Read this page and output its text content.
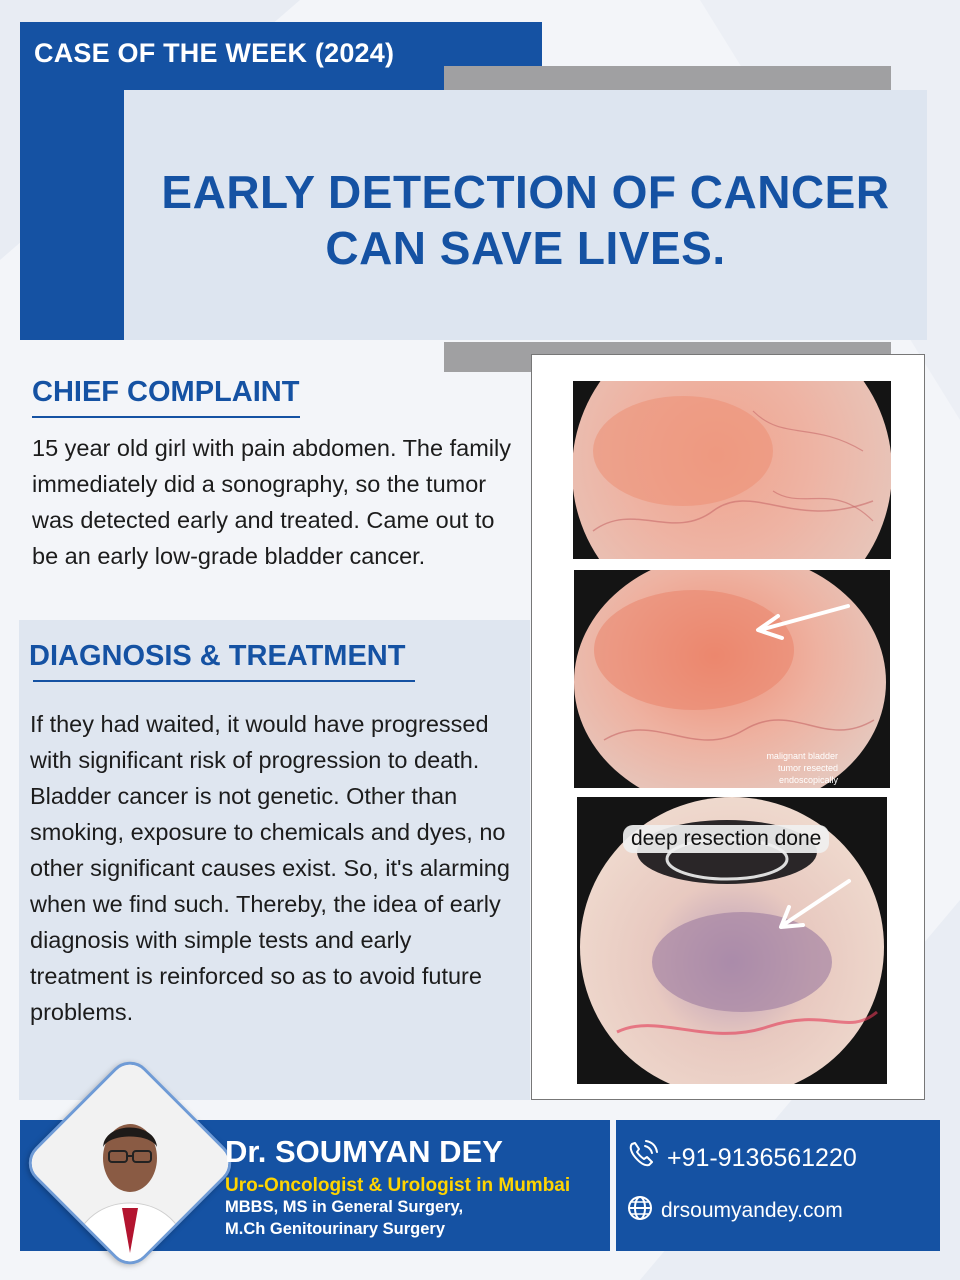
CASE OF THE WEEK (2024)
EARLY DETECTION OF CANCER
CAN SAVE LIVES.
CHIEF COMPLAINT
15 year old girl with pain abdomen. The family immediately did a sonography, so the tumor was detected early and treated. Came out to be an early low-grade bladder cancer.
DIAGNOSIS & TREATMENT
If they had waited, it would have progressed with significant risk of progression to death. Bladder cancer is not genetic. Other than smoking, exposure to chemicals and dyes, no other significant causes exist. So, it's alarming when we find such. Thereby, the idea of early diagnosis with simple tests and early treatment is reinforced so as to avoid future problems.
malignant bladder
tumor resected
endoscopically
deep resection done
Dr. SOUMYAN DEY
Uro-Oncologist & Urologist in Mumbai
MBBS, MS in General Surgery,
M.Ch Genitourinary Surgery
+91-9136561220
drsoumyandey.com
